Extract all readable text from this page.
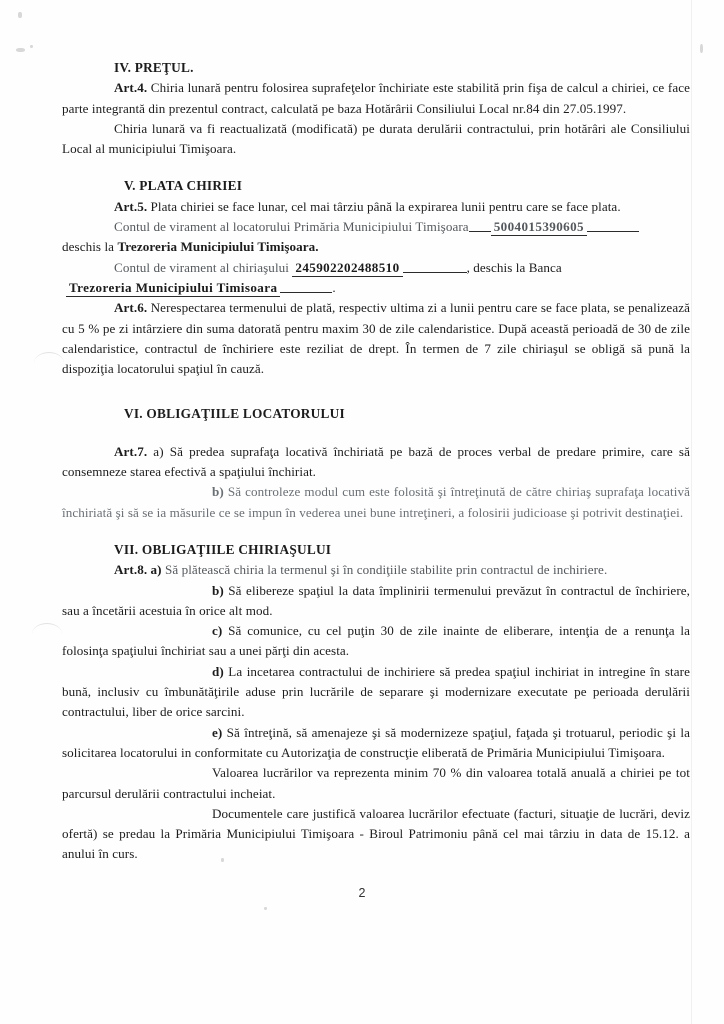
IV. PREŢUL.

Art.4. Chiria lunară pentru folosirea suprafeţelor închiriate este stabilită prin fişa de calcul a chiriei, ce face parte integrantă din prezentul contract, calculată pe baza Hotărârii Consiliului Local nr.84 din 27.05.1997.

Chiria lunară va fi reactualizată (modificată) pe durata derulării contractului, prin hotărâri ale Consiliului Local al municipiului Timişoara.

V. PLATA CHIRIEI

Art.5. Plata chiriei se face lunar, cel mai târziu până la expirarea lunii pentru care se face plata.

Contul de virament al locatorului Primăria Municipiului Timişoara 5004015390605

deschis la Trezoreria Municipiului Timişoara.

Contul de virament al chiriaşului 245902202488510	, deschis la Banca

Trezoreria Municipiului Timisoara	.

Art.6. Nerespectarea termenului de plată, respectiv ultima zi a lunii pentru care se face plata, se penalizează cu 5 % pe zi intârziere din suma datorată pentru maxim 30 de zile calendaristice. După această perioadă de 30 de zile calendaristice, contractul de închiriere este reziliat de drept. În termen de 7 zile chiriaşul se obligă să pună la dispoziţia locatorului spaţiul în cauză.

VI. OBLIGAŢIILE LOCATORULUI

Art.7. a) Să predea suprafaţa locativă închiriată pe bază de proces verbal de predare primire, care să consemneze starea efectivă a spaţiului închiriat.

b) Să controleze modul cum este folosită şi întreţinută de către chiriaş suprafaţa locativă închiriată şi să se ia măsurile ce se impun în vederea unei bune intreţineri, a folosirii judicioase şi potrivit destinaţiei.

VII. OBLIGAŢIILE CHIRIAŞULUI

Art.8. a) Să plătească chiria la termenul şi în condiţiile stabilite prin contractul de inchiriere.

b) Să elibereze spaţiul la data împlinirii termenului prevăzut în contractul de închiriere, sau a încetării acestuia în orice alt mod.

c) Să comunice, cu cel puţin 30 de zile inainte de eliberare, intenţia de a renunţa la folosinţa spaţiului închiriat sau a unei părţi din acesta.

d) La incetarea contractului de inchiriere să predea spaţiul inchiriat in intregine în stare bună, inclusiv cu îmbunătăţirile aduse prin lucrările de separare şi modernizare executate pe perioada derulării contractului, liber de orice sarcini.

e) Să întreţină, să amenajeze şi să modernizeze spaţiul, faţada şi trotuarul, periodic şi la solicitarea locatorului in conformitate cu Autorizaţia de construcţie eliberată de Primăria Municipiului Timişoara.

Valoarea lucrărilor va reprezenta minim 70 % din valoarea totală anuală a chiriei pe tot parcursul derulării contractului incheiat.

Documentele care justifică valoarea lucrărilor efectuate (facturi, situaţie de lucrări, deviz ofertă) se predau la Primăria Municipiului Timişoara - Biroul Patrimoniu până cel mai târziu in data de 15.12. a anului în curs.

2
